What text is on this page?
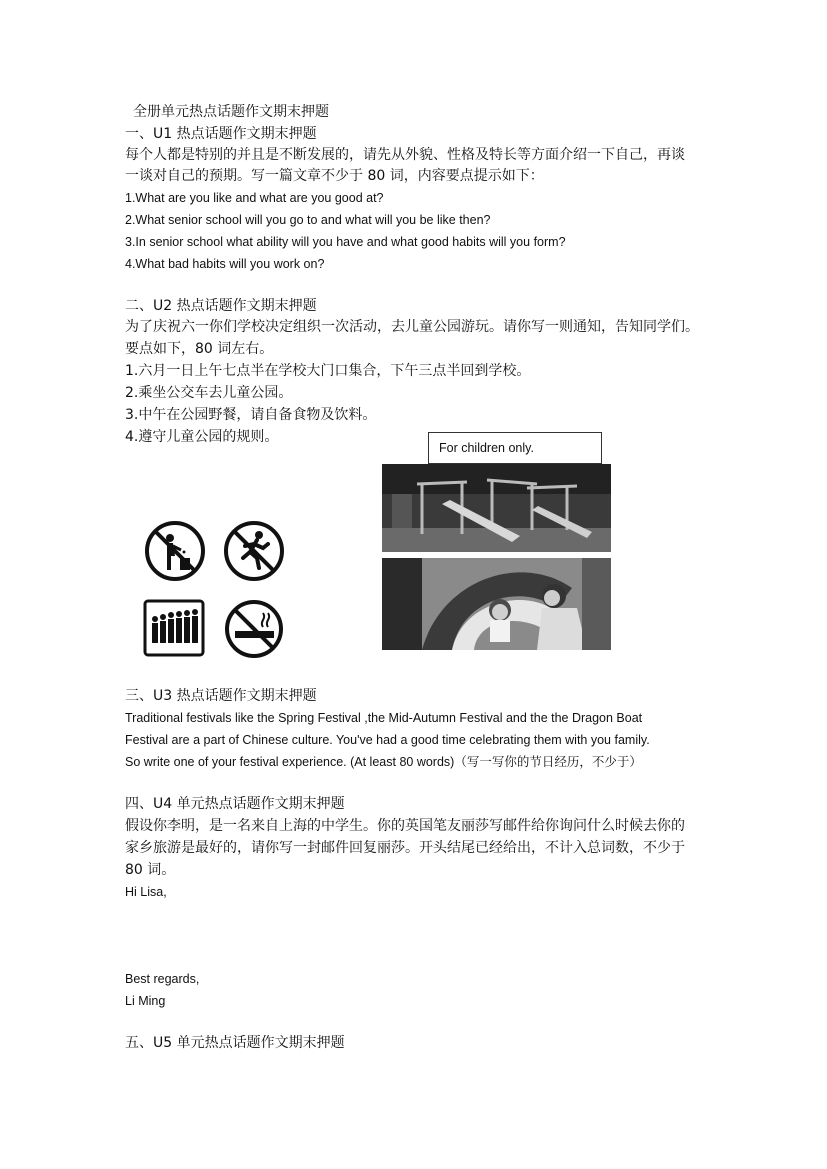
全册单元热点话题作文期末押题
一、U1 热点话题作文期末押题
每个人都是特别的并且是不断发展的，请先从外貌、性格及特长等方面介绍一下自己，再谈
一谈对自己的预期。写一篇文章不少于 80 词，内容要点提示如下：
1.What are you like and what are you good at?
2.What senior school will you go to and what will you be like then?
3.In senior school what ability will you have and what good habits will you form?
4.What bad habits will you work on?
二、U2 热点话题作文期末押题
为了庆祝六一你们学校决定组织一次活动，去儿童公园游玩。请你写一则通知，告知同学们。
要点如下，80 词左右。
1.六月一日上午七点半在学校大门口集合，下午三点半回到学校。
2.乘坐公交车去儿童公园。
3.中午在公园野餐，请自备食物及饮料。
4.遵守儿童公园的规则。
For children only.
三、U3 热点话题作文期末押题
Traditional festivals like the Spring Festival ,the Mid-Autumn Festival and the the Dragon Boat
Festival are a part of Chinese culture. You've had a good time celebrating them with you family.
So write one of your festival experience. (At least 80 words)（写一写你的节日经历，不少于）
四、U4 单元热点话题作文期末押题
假设你李明，是一名来自上海的中学生。你的英国笔友丽莎写邮件给你询问什么时候去你的
家乡旅游是最好的，请你写一封邮件回复丽莎。开头结尾已经给出，不计入总词数，不少于
80 词。
Hi Lisa,
Best regards,
Li Ming
五、U5 单元热点话题作文期末押题
